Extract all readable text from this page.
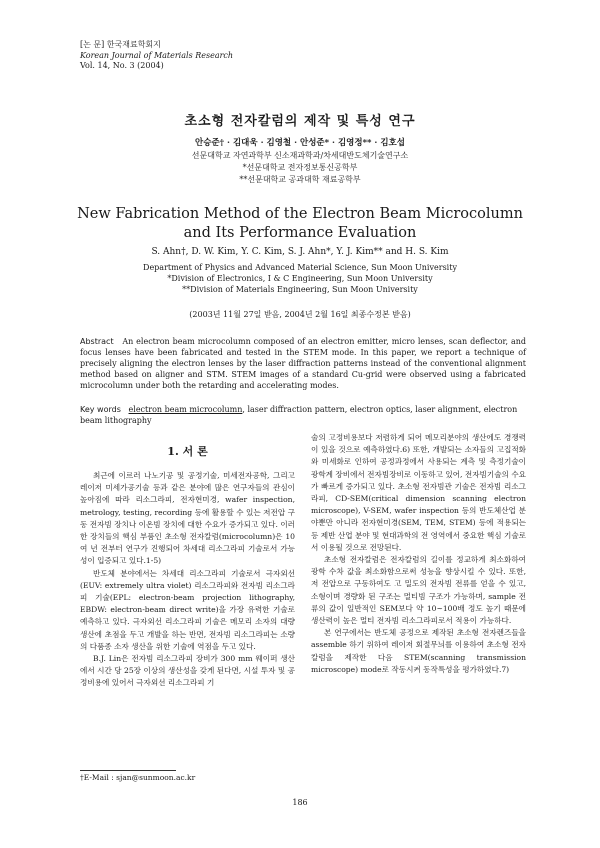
[논 문] 한국재료학회지
Korean Journal of Materials Research
Vol. 14, No. 3 (2004)
초소형 전자칼럼의 제작 및 특성 연구
안승준† · 김대욱 · 김영철 · 안성준* · 김영정** · 김호섭
선문대학교 자연과학부 신소재과학과/차세대반도체기술연구소
*선문대학교 전자정보통신공학부
**선문대학교 공과대학 재료공학부
New Fabrication Method of the Electron Beam Microcolumn
and Its Performance Evaluation
S. Ahn†, D. W. Kim, Y. C. Kim, S. J. Ahn*, Y. J. Kim** and H. S. Kim
Department of Physics and Advanced Material Science, Sun Moon University
*Division of Electronics, I & C Engineering, Sun Moon University
**Division of Materials Engineering, Sun Moon University
(2003년 11월 27일 받음, 2004년 2월 16일 최종수정본 받음)
Abstract An electron beam microcolumn composed of an electron emitter, micro lenses, scan deflector, and focus lenses have been fabricated and tested in the STEM mode. In this paper, we report a technique of precisely aligning the electron lenses by the laser diffraction patterns instead of the conventional alignment method based on aligner and STM. STEM images of a standard Cu-grid were observed using a fabricated microcolumn under both the retarding and accelerating modes.
Key words electron beam microcolumn, laser diffraction pattern, electron optics, laser alignment, electron beam lithography
1. 서 론

최근에 이르러 나노기공 및 공정기술, 미세전자공학, 그리고 레이저 미세가공기술 등과 같은 분야에 많은 연구자들의 관심이 높아짐에 따라 리소그라피, 전자현미경, wafer inspection, metrology, testing, recording 등에 활용할 수 있는 저전압 구동 전자빔 장치나 이온빔 장치에 대한 수요가 증가되고 있다. 이러한 장치들의 핵심 부품인 초소형 전자칼럼(microcolumn)은 10여 년 전부터 연구가 진행되어 차세대 리소그라피 기술로서 가능성이 입증되고 있다.1-5)

반도체 분야에서는 차세대 리소그라피 기술로서 극자외선(EUV: extremely ultra violet) 리소그라피와 전자빔 리소그라피 기술(EPL: electron-beam projection lithography, EBDW: electron-beam direct write)을 가장 유력한 기술로 예측하고 있다. 극자외선 리소그라피 기술은 메모리 소자의 대량생산에 초점을 두고 개발을 하는 반면, 전자빔 리소그라피는 소량의 다품종 소자 생산을 위한 기술에 역점을 두고 있다.

B.J. Lin은 전자빔 리소그라피 장비가 300 mm 웨이퍼 생산에서 시간 당 25장 이상의 생산성을 갖게 된다면, 시설 투자 및 공정비용에 있어서 극자외선 리소그라피 기

술의 고정비용보다 저렴하게 되어 메모리분야의 생산에도 경쟁력이 있을 것으로 예측하였다.6) 또한, 개발되는 소자들의 고집적화와 미세화로 인하여 공정과정에서 사용되는 계측 및 측정기술이 광학계 장비에서 전자빔장비로 이동하고 있어, 전자빔기술의 수요가 빠르게 증가되고 있다. 초소형 전자빔관 기술은 전자빔 리소그라피, CD-SEM(critical dimension scanning electron microscope), V-SEM, wafer inspection 등의 반도체산업 분야뿐만 아니라 전자현미경(SEM, TEM, STEM) 등에 적용되는 등 제반 산업 분야 및 현대과학의 전 영역에서 중요한 핵심 기술로서 이용될 것으로 전망된다.

초소형 전자칼럼은 전자칼럼의 길이를 정교하게 최소화하여 광학 수차 값을 최소화함으로써 성능을 향상시킬 수 있다. 또한, 저 전압으로 구동하여도 고 밀도의 전자빔 전류를 얻을 수 있고, 소형이며 경량화 된 구조는 멀티빔 구조가 가능하며, sample 전류의 값이 일반적인 SEM보다 약 10~100배 정도 높기 때문에 생산력이 높은 멀티 전자빔 리소그라피로서 적용이 가능하다.

본 연구에서는 반도체 공정으로 제작된 초소형 전자렌즈들을 assemble 하기 위하여 레이저 회절무늬를 이용하여 초소형 전자칼럼을 제작한 다음 STEM(scanning transmission microscope) mode로 작동시켜 동작특성을 평가하였다.7)

†E-Mail : sjan@sunmoon.ac.kr
186
